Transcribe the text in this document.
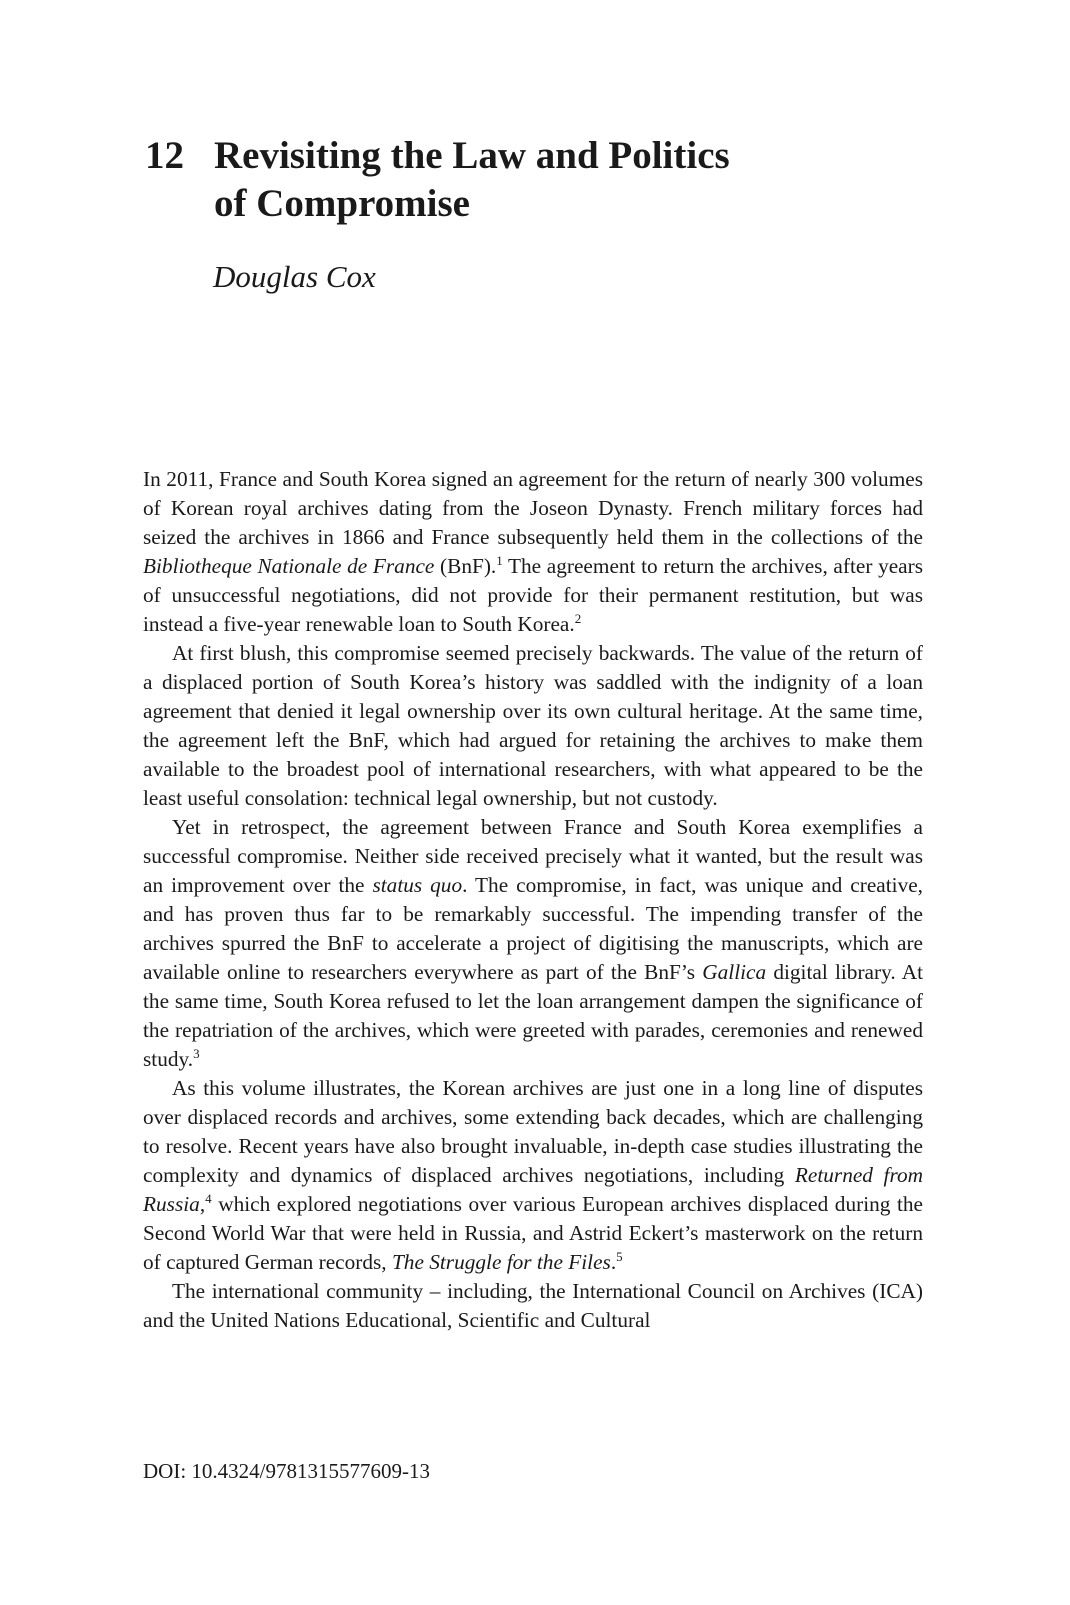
12 Revisiting the Law and Politics
of Compromise
Douglas Cox

In 2011, France and South Korea signed an agreement for the return of nearly 300 volumes of Korean royal archives dating from the Joseon Dynasty. French military forces had seized the archives in 1866 and France subsequently held them in the collections of the Bibliotheque Nationale de France (BnF).$^1$ The agreement to return the archives, after years of unsuccessful negotiations, did not provide for their permanent restitution, but was instead a five-year renewable loan to South Korea.$^2$

At first blush, this compromise seemed precisely backwards. The value of the return of a displaced portion of South Korea’s history was saddled with the indignity of a loan agreement that denied it legal ownership over its own cultural heritage. At the same time, the agreement left the BnF, which had argued for retaining the archives to make them available to the broadest pool of international researchers, with what appeared to be the least useful consolation: technical legal ownership, but not custody.

Yet in retrospect, the agreement between France and South Korea exemplifies a successful compromise. Neither side received precisely what it wanted, but the result was an improvement over the status quo. The compromise, in fact, was unique and creative, and has proven thus far to be remarkably successful. The impending transfer of the archives spurred the BnF to accelerate a project of digitising the manuscripts, which are available online to researchers everywhere as part of the BnF’s Gallica digital library. At the same time, South Korea refused to let the loan arrangement dampen the significance of the repatriation of the archives, which were greeted with parades, ceremonies and renewed study.$^3$

As this volume illustrates, the Korean archives are just one in a long line of disputes over displaced records and archives, some extending back decades, which are challenging to resolve. Recent years have also brought invaluable, in-depth case studies illustrating the complexity and dynamics of displaced archives negotiations, including Returned from Russia,$^4$ which explored negotiations over various European archives displaced during the Second World War that were held in Russia, and Astrid Eckert’s masterwork on the return of captured German records, The Struggle for the Files.$^5$

The international community – including, the International Council on Archives (ICA) and the United Nations Educational, Scientific and Cultural

DOI: 10.4324/9781315577609-13
